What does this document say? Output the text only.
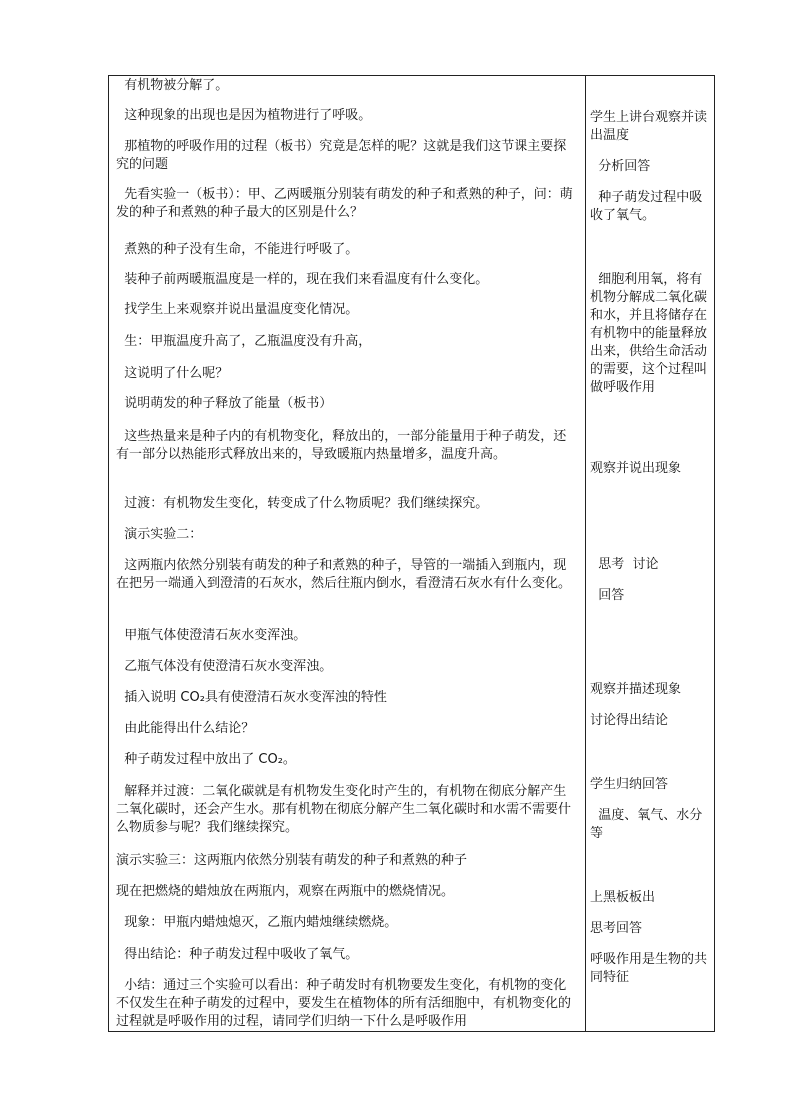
有机物被分解了。
这种现象的出现也是因为植物进行了呼吸。
那植物的呼吸作用的过程（板书）究竟是怎样的呢？这就是我们这节课主要探究的问题
先看实验一（板书）：甲、乙两暖瓶分别装有萌发的种子和煮熟的种子，问：萌发的种子和煮熟的种子最大的区别是什么？
煮熟的种子没有生命，不能进行呼吸了。
装种子前两暖瓶温度是一样的，现在我们来看温度有什么变化。
找学生上来观察并说出量温度变化情况。
生：甲瓶温度升高了，乙瓶温度没有升高，
这说明了什么呢？
说明萌发的种子释放了能量（板书）
这些热量来是种子内的有机物变化，释放出的，一部分能量用于种子萌发，还有一部分以热能形式释放出来的，导致暖瓶内热量增多，温度升高。
过渡：有机物发生变化，转变成了什么物质呢？我们继续探究。
演示实验二：
这两瓶内依然分别装有萌发的种子和煮熟的种子，导管的一端插入到瓶内，现在把另一端通入到澄清的石灰水，然后往瓶内倒水，看澄清石灰水有什么变化。
甲瓶气体使澄清石灰水变浑浊。
乙瓶气体没有使澄清石灰水变浑浊。
插入说明 CO₂具有使澄清石灰水变浑浊的特性
由此能得出什么结论？
种子萌发过程中放出了 CO₂。
解释并过渡：二氧化碳就是有机物发生变化时产生的，有机物在彻底分解产生二氧化碳时，还会产生水。那有机物在彻底分解产生二氧化碳时和水需不需要什么物质参与呢？我们继续探究。
演示实验三：这两瓶内依然分别装有萌发的种子和煮熟的种子
现在把燃烧的蜡烛放在两瓶内，观察在两瓶中的燃烧情况。
现象：甲瓶内蜡烛熄灭，乙瓶内蜡烛继续燃烧。
得出结论：种子萌发过程中吸收了氧气。
小结：通过三个实验可以看出：种子萌发时有机物要发生变化，有机物的变化不仅发生在种子萌发的过程中，要发生在植物体的所有活细胞中，有机物变化的过程就是呼吸作用的过程，请同学们归纳一下什么是呼吸作用
学生上讲台观察并读出温度
分析回答
种子萌发过程中吸收了氧气。
细胞利用氧，将有机物分解成二氧化碳和水，并且将储存在有机物中的能量释放出来，供给生命活动的需要，这个过程叫做呼吸作用
观察并说出现象
思考  讨论
回答
观察并描述现象
讨论得出结论
学生归纳回答
温度、氧气、水分等
上黑板板出
思考回答
呼吸作用是生物的共同特征
